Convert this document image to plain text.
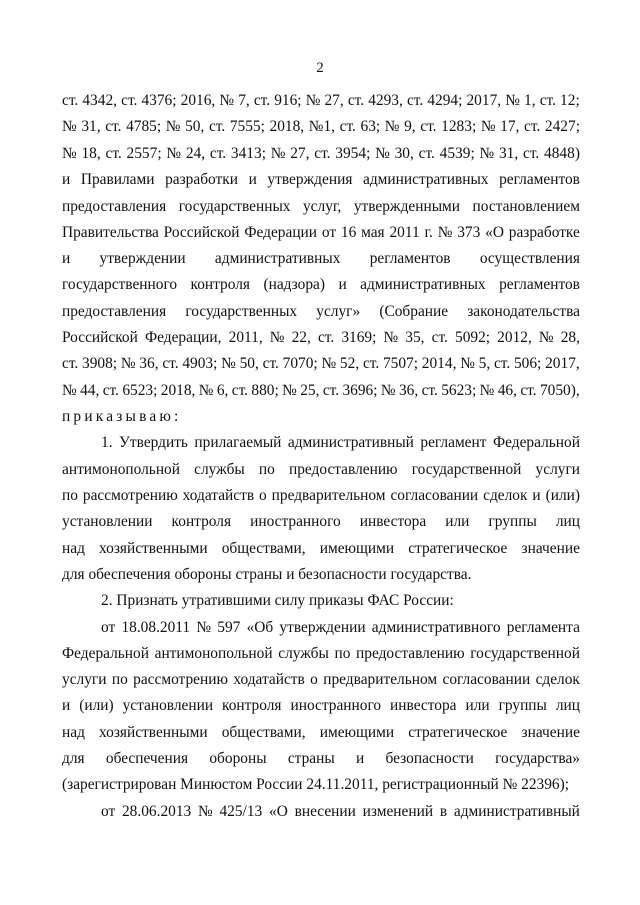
2
ст. 4342, ст. 4376; 2016, № 7, ст. 916; № 27, ст. 4293, ст. 4294; 2017, № 1, ст. 12;
№ 31, ст. 4785; № 50, ст. 7555; 2018, №1, ст. 63; № 9, ст. 1283; № 17, ст. 2427;
№ 18, ст. 2557; № 24, ст. 3413; № 27, ст. 3954; № 30, ст. 4539; № 31, ст. 4848)
и Правилами разработки и утверждения административных регламентов
предоставления государственных услуг, утвержденными постановлением
Правительства Российской Федерации от 16 мая 2011 г. № 373 «О разработке
и утверждении административных регламентов осуществления
государственного контроля (надзора) и административных регламентов
предоставления государственных услуг» (Собрание законодательства
Российской Федерации, 2011, № 22, ст. 3169; № 35, ст. 5092; 2012, № 28,
ст. 3908; № 36, ст. 4903; № 50, ст. 7070; № 52, ст. 7507; 2014, № 5, ст. 506; 2017,
№ 44, ст. 6523; 2018, № 6, ст. 880; № 25, ст. 3696; № 36, ст. 5623; № 46, ст. 7050),
приказываю:
1. Утвердить прилагаемый административный регламент Федеральной
антимонопольной службы по предоставлению государственной услуги
по рассмотрению ходатайств о предварительном согласовании сделок и (или)
установлении контроля иностранного инвестора или группы лиц
над хозяйственными обществами, имеющими стратегическое значение
для обеспечения обороны страны и безопасности государства.
2. Признать утратившими силу приказы ФАС России:
от 18.08.2011 № 597 «Об утверждении административного регламента
Федеральной антимонопольной службы по предоставлению государственной
услуги по рассмотрению ходатайств о предварительном согласовании сделок
и (или) установлении контроля иностранного инвестора или группы лиц
над хозяйственными обществами, имеющими стратегическое значение
для обеспечения обороны страны и безопасности государства»
(зарегистрирован Минюстом России 24.11.2011, регистрационный № 22396);
от 28.06.2013 № 425/13 «О внесении изменений в административный
